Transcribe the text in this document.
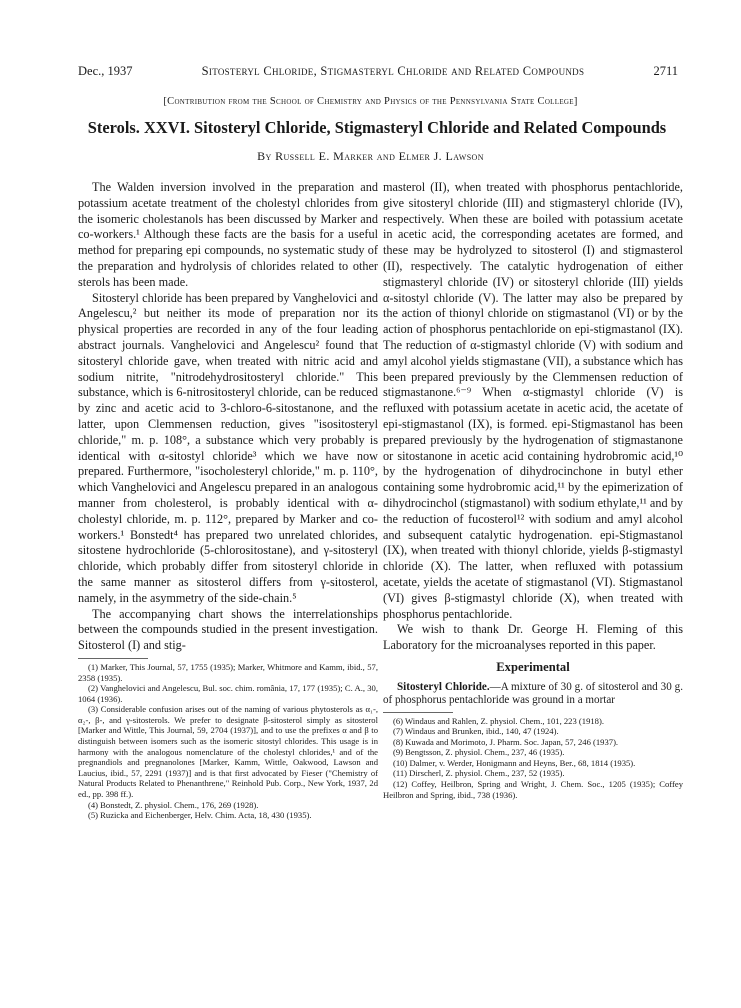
Dec., 1937	Sitosteryl Chloride, Stigmasteryl Chloride and Related Compounds	2711
[Contribution from the School of Chemistry and Physics of the Pennsylvania State College]
Sterols. XXVI. Sitosteryl Chloride, Stigmasteryl Chloride and Related Compounds
By Russell E. Marker and Elmer J. Lawson

The Walden inversion involved in the preparation and potassium acetate treatment of the cholestyl chlorides from the isomeric cholestanols has been discussed by Marker and co-workers.¹ Although these facts are the basis for a useful method for preparing epi compounds, no systematic study of the preparation and hydrolysis of chlorides related to other sterols has been made.

Sitosteryl chloride has been prepared by Vanghelovici and Angelescu,² but neither its mode of preparation nor its physical properties are recorded in any of the four leading abstract journals. Vanghelovici and Angelescu² found that sitosteryl chloride gave, when treated with nitric acid and sodium nitrite, "nitrodehydrositosteryl chloride." This substance, which is 6-nitrositosteryl chloride, can be reduced by zinc and acetic acid to 3-chloro-6-sitostanone, and the latter, upon Clemmensen reduction, gives "isositosteryl chloride," m. p. 108°, a substance which very probably is identical with α-sitostyl chloride³ which we have now prepared. Furthermore, "isocholesteryl chloride," m. p. 110°, which Vanghelovici and Angelescu prepared in an analogous manner from cholesterol, is probably identical with α-cholestyl chloride, m. p. 112°, prepared by Marker and co-workers.¹ Bonstedt⁴ has prepared two unrelated chlorides, sitostene hydrochloride (5-chlorositostane), and γ-sitosteryl chloride, which probably differ from sitosteryl chloride in the same manner as sitosterol differs from γ-sitosterol, namely, in the asymmetry of the side-chain.⁵

The accompanying chart shows the interrelationships between the compounds studied in the present investigation. Sitosterol (I) and stig-

(1) Marker, This Journal, 57, 1755 (1935); Marker, Whitmore and Kamm, ibid., 57, 2358 (1935).

(2) Vanghelovici and Angelescu, Bul. soc. chim. românia, 17, 177 (1935); C. A., 30, 1064 (1936).

(3) Considerable confusion arises out of the naming of various phytosterols as α₁-, α₂-, β-, and γ-sitosterols. We prefer to designate β-sitosterol simply as sitosterol [Marker and Wittle, This Journal, 59, 2704 (1937)], and to use the prefixes α and β to distinguish between isomers such as the isomeric sitostyl chlorides. This usage is in harmony with the analogous nomenclature of the cholestyl chlorides,¹ and of the pregnandiols and pregnanolones [Marker, Kamm, Wittle, Oakwood, Lawson and Laucius, ibid., 57, 2291 (1937)] and is that first advocated by Fieser ("Chemistry of Natural Products Related to Phenanthrene," Reinhold Pub. Corp., New York, 1937, 2d ed., pp. 398 ff.).

(4) Bonstedt, Z. physiol. Chem., 176, 269 (1928).

(5) Ruzicka and Eichenberger, Helv. Chim. Acta, 18, 430 (1935).

masterol (II), when treated with phosphorus pentachloride, give sitosteryl chloride (III) and stigmasteryl chloride (IV), respectively. When these are boiled with potassium acetate in acetic acid, the corresponding acetates are formed, and these may be hydrolyzed to sitosterol (I) and stigmasterol (II), respectively. The catalytic hydrogenation of either stigmasteryl chloride (IV) or sitosteryl chloride (III) yields α-sitostyl chloride (V). The latter may also be prepared by the action of thionyl chloride on stigmastanol (VI) or by the action of phosphorus pentachloride on epi-stigmastanol (IX). The reduction of α-stigmastyl chloride (V) with sodium and amyl alcohol yields stigmastane (VII), a substance which has been prepared previously by the Clemmensen reduction of stigmastanone.⁶⁻⁹ When α-stigmastyl chloride (V) is refluxed with potassium acetate in acetic acid, the acetate of epi-stigmastanol (IX), is formed. epi-Stigmastanol has been prepared previously by the hydrogenation of stigmastanone or sitostanone in acetic acid containing hydrobromic acid,¹⁰ by the hydrogenation of dihydrocinchone in butyl ether containing some hydrobromic acid,¹¹ by the epimerization of dihydrocinchol (stigmastanol) with sodium ethylate,¹¹ and by the reduction of fucosterol¹² with sodium and amyl alcohol and subsequent catalytic hydrogenation. epi-Stigmastanol (IX), when treated with thionyl chloride, yields β-stigmastyl chloride (X). The latter, when refluxed with potassium acetate, yields the acetate of stigmastanol (VI). Stigmastanol (VI) gives β-stigmastyl chloride (X), when treated with phosphorus pentachloride.

We wish to thank Dr. George H. Fleming of this Laboratory for the microanalyses reported in this paper.

Experimental

Sitosteryl Chloride.—A mixture of 30 g. of sitosterol and 30 g. of phosphorus pentachloride was ground in a mortar

(6) Windaus and Rahlen, Z. physiol. Chem., 101, 223 (1918).

(7) Windaus and Brunken, ibid., 140, 47 (1924).

(8) Kuwada and Morimoto, J. Pharm. Soc. Japan, 57, 246 (1937).

(9) Bengtsson, Z. physiol. Chem., 237, 46 (1935).

(10) Dalmer, v. Werder, Honigmann and Heyns, Ber., 68, 1814 (1935).

(11) Dirscherl, Z. physiol. Chem., 237, 52 (1935).

(12) Coffey, Heilbron, Spring and Wright, J. Chem. Soc., 1205 (1935); Coffey Heilbron and Spring, ibid., 738 (1936).
